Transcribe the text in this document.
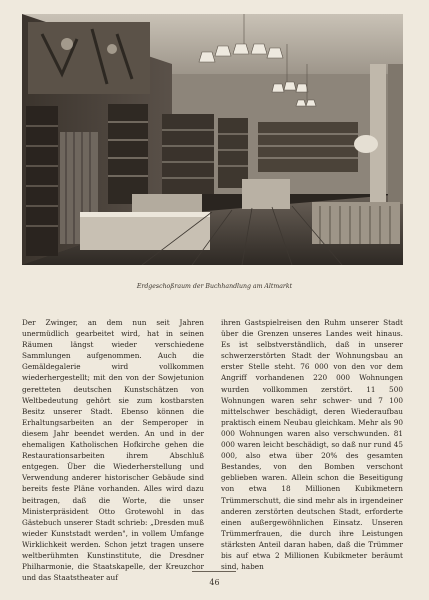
Erdgeschoßraum der Buchhandlung am Altmarkt

Der Zwinger, an dem nun seit Jahren unermüdlich gearbeitet wird, hat in seinen Räumen längst wieder verschiedene Sammlungen aufgenommen. Auch die Gemäldegalerie wird vollkommen wiederhergestellt; mit den von der Sowjetunion geretteten deutschen Kunstschätzen von Weltbedeutung gehört sie zum kostbarsten Besitz unserer Stadt. Ebenso können die Erhaltungsarbeiten an der Semperoper in diesem Jahr beendet werden. An und in der ehemaligen Katholischen Hofkirche gehen die Restaurationsarbeiten ihrem Abschluß entgegen. Über die Wiederherstellung und Verwendung anderer historischer Gebäude sind bereits feste Pläne vorhanden. Alles wird dazu beitragen, daß die Worte, die unser Ministerpräsident Otto Grotewohl in das Gästebuch unserer Stadt schrieb: „Dresden muß wieder Kunststadt werden", in vollem Umfange Wirklichkeit werden. Schon jetzt tragen unsere weltberühmten Kunstinstitute, die Dresdner Philharmonie, die Staatskapelle, der Kreuzchor und das Staatstheater auf

ihren Gastspielreisen den Ruhm unserer Stadt über die Grenzen unseres Landes weit hinaus. Es ist selbstverständlich, daß in unserer schwerzerstörten Stadt der Wohnungsbau an erster Stelle steht. 76 000 von den vor dem Angriff vorhandenen 220 000 Wohnungen wurden vollkommen zerstört. 11 500 Wohnungen waren sehr schwer- und 7 100 mittelschwer beschädigt, deren Wiederaufbau praktisch einem Neubau gleichkam. Mehr als 90 000 Wohnungen waren also verschwunden. 81 000 waren leicht beschädigt, so daß nur rund 45 000, also etwa über 20% des gesamten Bestandes, von den Bomben verschont geblieben waren. Allein schon die Beseitigung von etwa 18 Millionen Kubikmetern Trümmerschutt, die sind mehr als in irgendeiner anderen zerstörten deutschen Stadt, erforderte einen außergewöhnlichen Einsatz. Unseren Trümmerfrauen, die durch ihre Leistungen stärksten Anteil daran haben, daß die Trümmer bis auf etwa 2 Millionen Kubikmeter beräumt sind, haben

46
